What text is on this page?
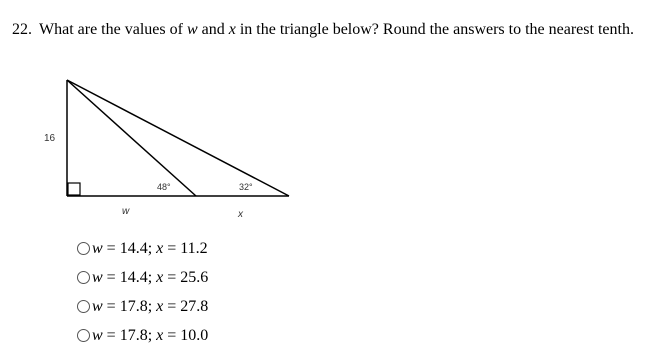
22. What are the values of w and x in the triangle below? Round the answers to the nearest tenth.
16
48°	32°
w	x
w = 14.4; x = 11.2
w = 14.4; x = 25.6
w = 17.8; x = 27.8
w = 17.8; x = 10.0
